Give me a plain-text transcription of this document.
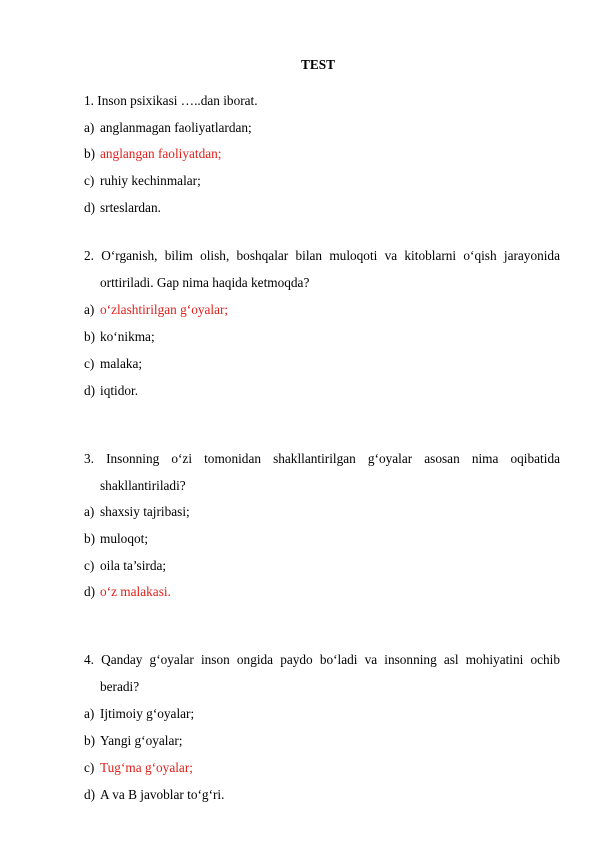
TEST
1. Inson psixikasi …..dan iborat.
a) anglanmagan faoliyatlardan;
b) anglangan faoliyatdan;
c) ruhiy kechinmalar;
d) srteslardan.
2. O‘rganish, bilim olish, boshqalar bilan muloqoti va kitoblarni o‘qish jarayonida
orttiriladi. Gap nima haqida ketmoqda?
a) o‘zlashtirilgan g‘oyalar;
b) ko‘nikma;
c) malaka;
d) iqtidor.
3. Insonning o‘zi tomonidan shakllantirilgan g‘oyalar asosan nima oqibatida
shakllantiriladi?
a) shaxsiy tajribasi;
b) muloqot;
c) oila ta’sirda;
d) o‘z malakasi.
4. Qanday g‘oyalar inson ongida paydo bo‘ladi va insonning asl mohiyatini ochib
beradi?
a) Ijtimoiy g‘oyalar;
b) Yangi g‘oyalar;
c) Tug‘ma g‘oyalar;
d) A va B javoblar to‘g‘ri.
